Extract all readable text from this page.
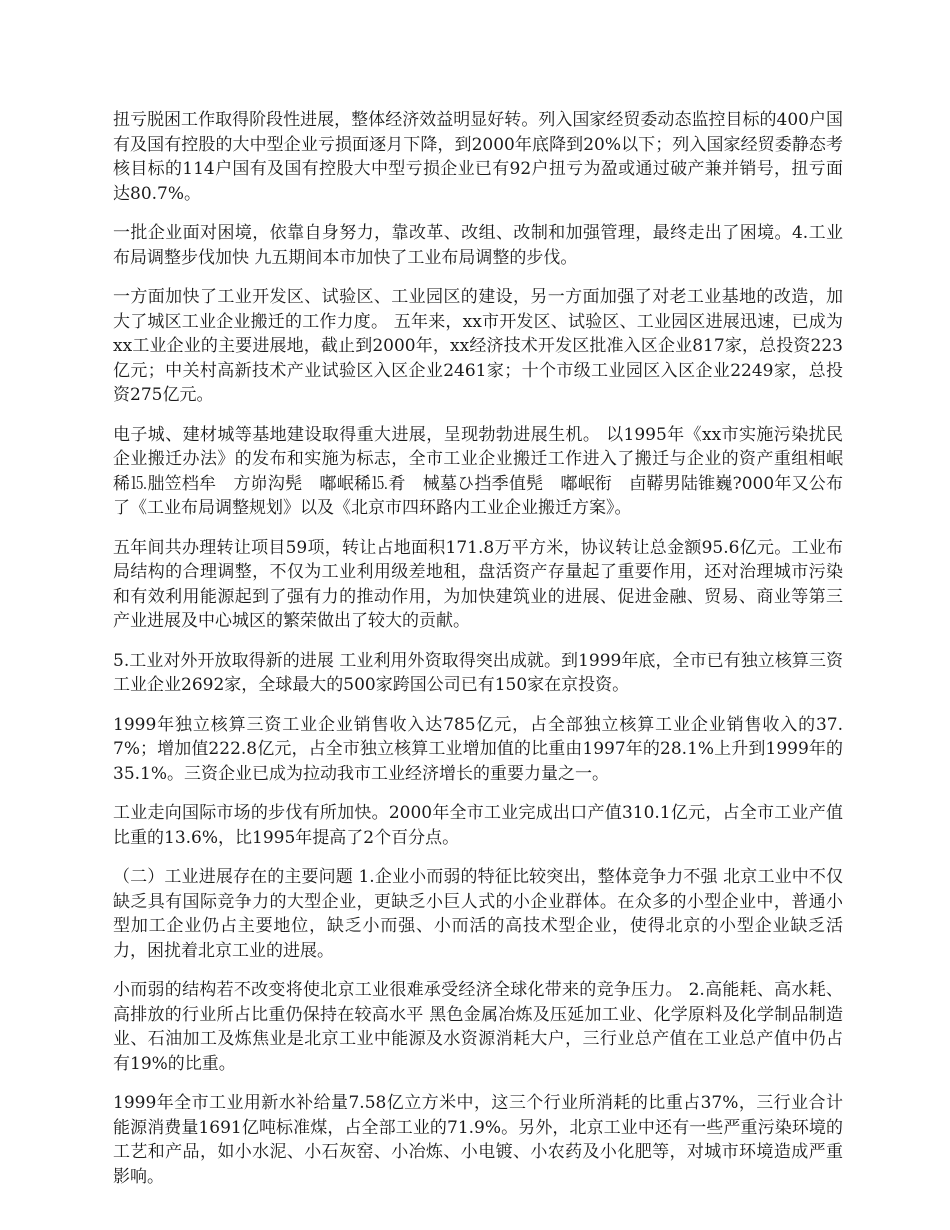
扭亏脱困工作取得阶段性进展，整体经济效益明显好转。列入国家经贸委动态监控目标的400户国有及国有控股的大中型企业亏损面逐月下降，到2000年底降到20%以下；列入国家经贸委静态考核目标的114户国有及国有控股大中型亏损企业已有92户扭亏为盈或通过破产兼并销号，扭亏面达80.7%。

一批企业面对困境，依靠自身努力，靠改革、改组、改制和加强管理，最终走出了困境。4.工业布局调整步伐加快 九五期间本市加快了工业布局调整的步伐。

一方面加快了工业开发区、试验区、工业园区的建设，另一方面加强了对老工业基地的改造，加大了城区工业企业搬迁的工作力度。 五年来，xx市开发区、试验区、工业园区进展迅速，已成为xx工业企业的主要进展地，截止到2000年，xx经济技术开发区批准入区企业817家，总投资223亿元；中关村高新技术产业试验区入区企业2461家；十个市级工业园区入区企业2249家，总投资275亿元。

电子城、建材城等基地建设取得重大进展，呈现勃勃进展生机。 以1995年《xx市实施污染扰民企业搬迁办法》的发布和实施为标志，全市工业企业搬迁工作进入了搬迁与企业的资产重组相岷稀⒖朏笠档牟　方峁沟髡　嘟岷稀⒖肴　械墓ひ挡季值髡　嘟岷衔　卣鞯男陆锥巍?000年又公布了《工业布局调整规划》以及《北京市四环路内工业企业搬迁方案》。

五年间共办理转让项目59项，转让占地面积171.8万平方米，协议转让总金额95.6亿元。工业布局结构的合理调整，不仅为工业利用级差地租，盘活资产存量起了重要作用，还对治理城市污染和有效利用能源起到了强有力的推动作用，为加快建筑业的进展、促进金融、贸易、商业等第三产业进展及中心城区的繁荣做出了较大的贡献。

5.工业对外开放取得新的进展 工业利用外资取得突出成就。到1999年底，全市已有独立核算三资工业企业2692家，全球最大的500家跨国公司已有150家在京投资。

1999年独立核算三资工业企业销售收入达785亿元，占全部独立核算工业企业销售收入的37.7%；增加值222.8亿元，占全市独立核算工业增加值的比重由1997年的28.1%上升到1999年的35.1%。三资企业已成为拉动我市工业经济增长的重要力量之一。

工业走向国际市场的步伐有所加快。2000年全市工业完成出口产值310.1亿元，占全市工业产值比重的13.6%，比1995年提高了2个百分点。

（二）工业进展存在的主要问题 1.企业小而弱的特征比较突出，整体竞争力不强 北京工业中不仅缺乏具有国际竞争力的大型企业，更缺乏小巨人式的小企业群体。在众多的小型企业中，普通小型加工企业仍占主要地位，缺乏小而强、小而活的高技术型企业，使得北京的小型企业缺乏活力，困扰着北京工业的进展。

小而弱的结构若不改变将使北京工业很难承受经济全球化带来的竞争压力。 2.高能耗、高水耗、高排放的行业所占比重仍保持在较高水平 黑色金属冶炼及压延加工业、化学原料及化学制品制造业、石油加工及炼焦业是北京工业中能源及水资源消耗大户，三行业总产值在工业总产值中仍占有19%的比重。

1999年全市工业用新水补给量7.58亿立方米中，这三个行业所消耗的比重占37%，三行业合计能源消费量1691亿吨标准煤，占全部工业的71.9%。另外，北京工业中还有一些严重污染环境的工艺和产品，如小水泥、小石灰窑、小冶炼、小电镀、小农药及小化肥等，对城市环境造成严重影响。
